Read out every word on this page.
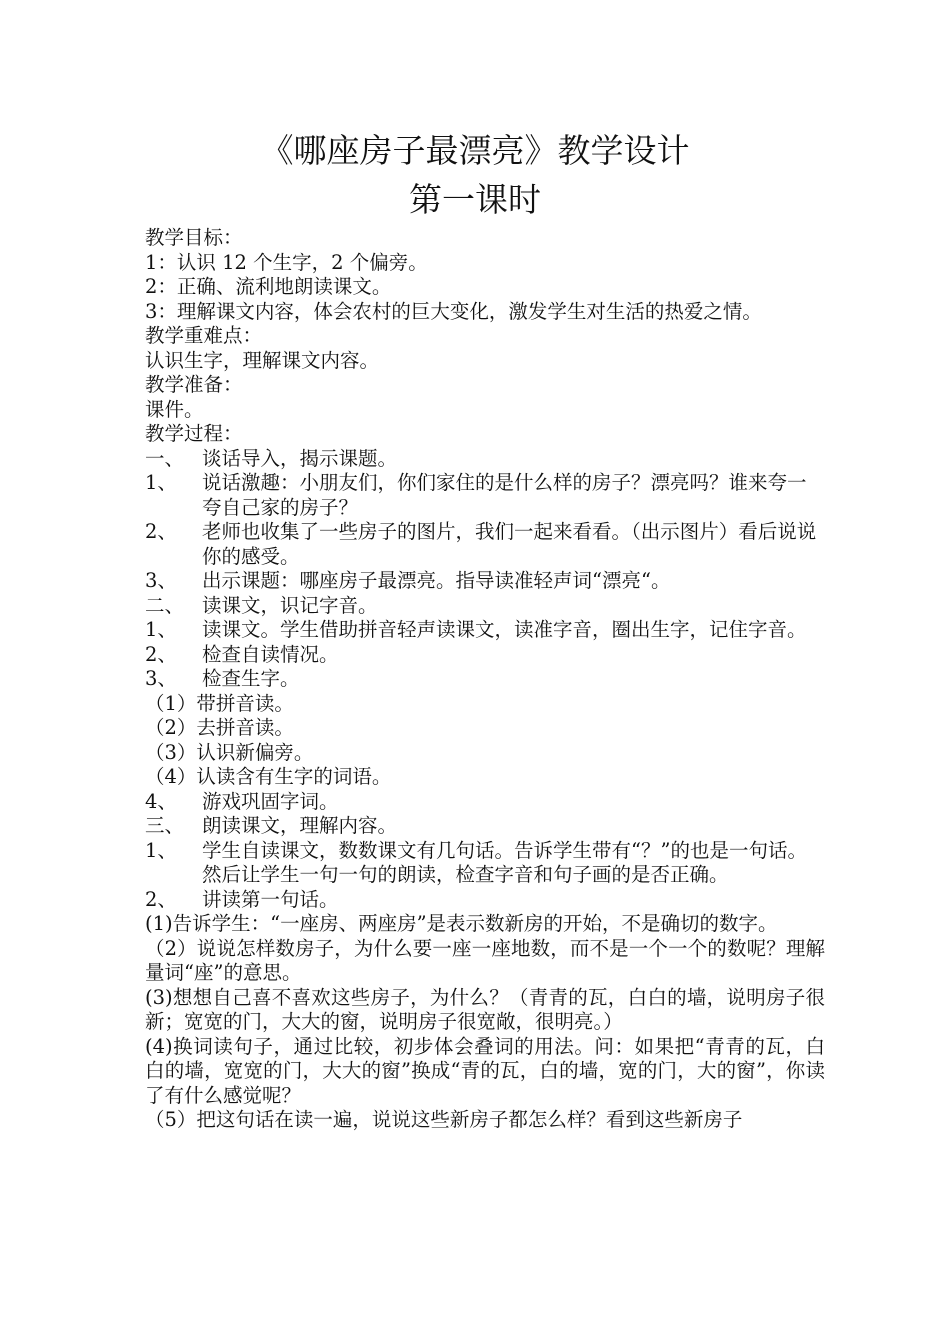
《哪座房子最漂亮》教学设计
第一课时
教学目标：
1：认识 12 个生字，2 个偏旁。
2：正确、流利地朗读课文。
3：理解课文内容，体会农村的巨大变化，激发学生对生活的热爱之情。
教学重难点：
认识生字，理解课文内容。
教学准备：
课件。
教学过程：
一、 谈话导入，揭示课题。
1、	说话激趣：小朋友们，你们家住的是什么样的房子？漂亮吗？谁来夸一夸自己家的房子？
2、	老师也收集了一些房子的图片，我们一起来看看。（出示图片）看后说说你的感受。
3、	出示课题：哪座房子最漂亮。指导读准轻声词“漂亮“。
二、 读课文，识记字音。
1、	读课文。学生借助拼音轻声读课文，读准字音，圈出生字，记住字音。
2、	检查自读情况。
3、	检查生字。
（1）带拼音读。
（2）去拼音读。
（3）认识新偏旁。
（4）认读含有生字的词语。
4、	游戏巩固字词。
三、 朗读课文，理解内容。
1、	学生自读课文，数数课文有几句话。告诉学生带有“？”的也是一句话。然后让学生一句一句的朗读，检查字音和句子画的是否正确。
2、	讲读第一句话。
(1)告诉学生：“一座房、两座房”是表示数新房的开始，不是确切的数字。
（2）说说怎样数房子，为什么要一座一座地数，而不是一个一个的数呢？理解量词“座”的意思。
(3)想想自己喜不喜欢这些房子，为什么？（青青的瓦，白白的墙，说明房子很新；宽宽的门，大大的窗，说明房子很宽敞，很明亮。）
(4)换词读句子，通过比较，初步体会叠词的用法。问：如果把“青青的瓦，白白的墙，宽宽的门，大大的窗”换成“青的瓦，白的墙，宽的门，大的窗”，你读了有什么感觉呢？
（5）把这句话在读一遍，说说这些新房子都怎么样？看到这些新房子
